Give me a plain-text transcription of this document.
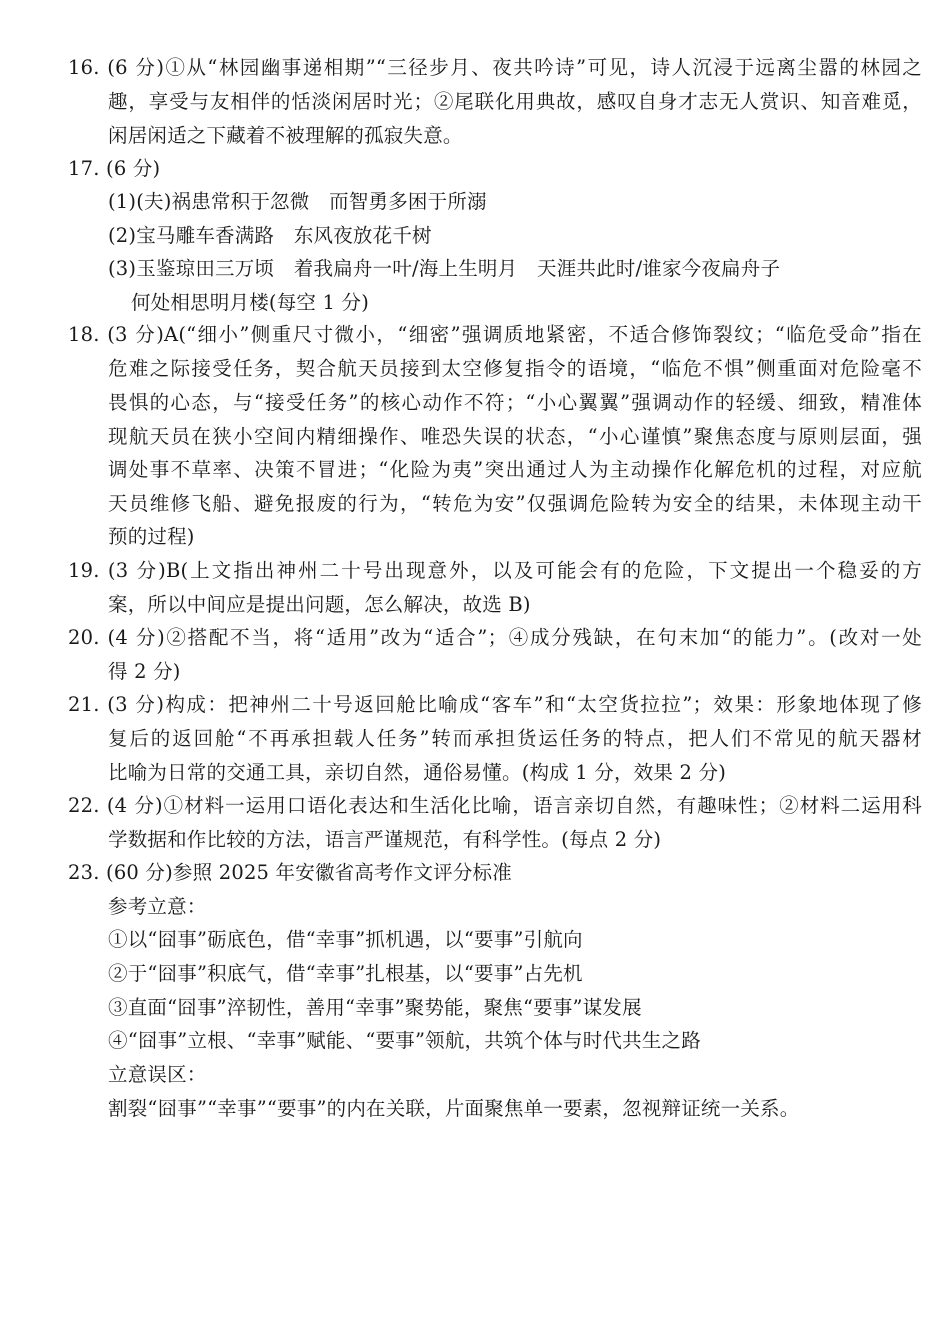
16. (6 分)①从“林园幽事递相期”“三径步月、夜共吟诗”可见，诗人沉浸于远离尘嚣的林园之
趣，享受与友相伴的恬淡闲居时光；②尾联化用典故，感叹自身才志无人赏识、知音难觅，
闲居闲适之下藏着不被理解的孤寂失意。
17. (6 分)
(1)(夫)祸患常积于忽微　而智勇多困于所溺
(2)宝马雕车香满路　东风夜放花千树
(3)玉鉴琼田三万顷　着我扁舟一叶/海上生明月　天涯共此时/谁家今夜扁舟子
何处相思明月楼(每空 1 分)
18. (3 分)A(“细小”侧重尺寸微小，“细密”强调质地紧密，不适合修饰裂纹；“临危受命”指在
危难之际接受任务，契合航天员接到太空修复指令的语境，“临危不惧”侧重面对危险毫不
畏惧的心态，与“接受任务”的核心动作不符；“小心翼翼”强调动作的轻缓、细致，精准体
现航天员在狭小空间内精细操作、唯恐失误的状态，“小心谨慎”聚焦态度与原则层面，强
调处事不草率、决策不冒进；“化险为夷”突出通过人为主动操作化解危机的过程，对应航
天员维修飞船、避免报废的行为，“转危为安”仅强调危险转为安全的结果，未体现主动干
预的过程)
19. (3 分)B(上文指出神州二十号出现意外，以及可能会有的危险，下文提出一个稳妥的方
案，所以中间应是提出问题，怎么解决，故选 B)
20. (4 分)②搭配不当，将“适用”改为“适合”；④成分残缺，在句末加“的能力”。(改对一处
得 2 分)
21. (3 分)构成：把神州二十号返回舱比喻成“客车”和“太空货拉拉”；效果：形象地体现了修
复后的返回舱“不再承担载人任务”转而承担货运任务的特点，把人们不常见的航天器材
比喻为日常的交通工具，亲切自然，通俗易懂。(构成 1 分，效果 2 分)
22. (4 分)①材料一运用口语化表达和生活化比喻，语言亲切自然，有趣味性；②材料二运用科
学数据和作比较的方法，语言严谨规范，有科学性。(每点 2 分)
23. (60 分)参照 2025 年安徽省高考作文评分标准
参考立意：
①以“囧事”砺底色，借“幸事”抓机遇，以“要事”引航向
②于“囧事”积底气，借“幸事”扎根基，以“要事”占先机
③直面“囧事”淬韧性，善用“幸事”聚势能，聚焦“要事”谋发展
④“囧事”立根、“幸事”赋能、“要事”领航，共筑个体与时代共生之路
立意误区：
割裂“囧事”“幸事”“要事”的内在关联，片面聚焦单一要素，忽视辩证统一关系。
